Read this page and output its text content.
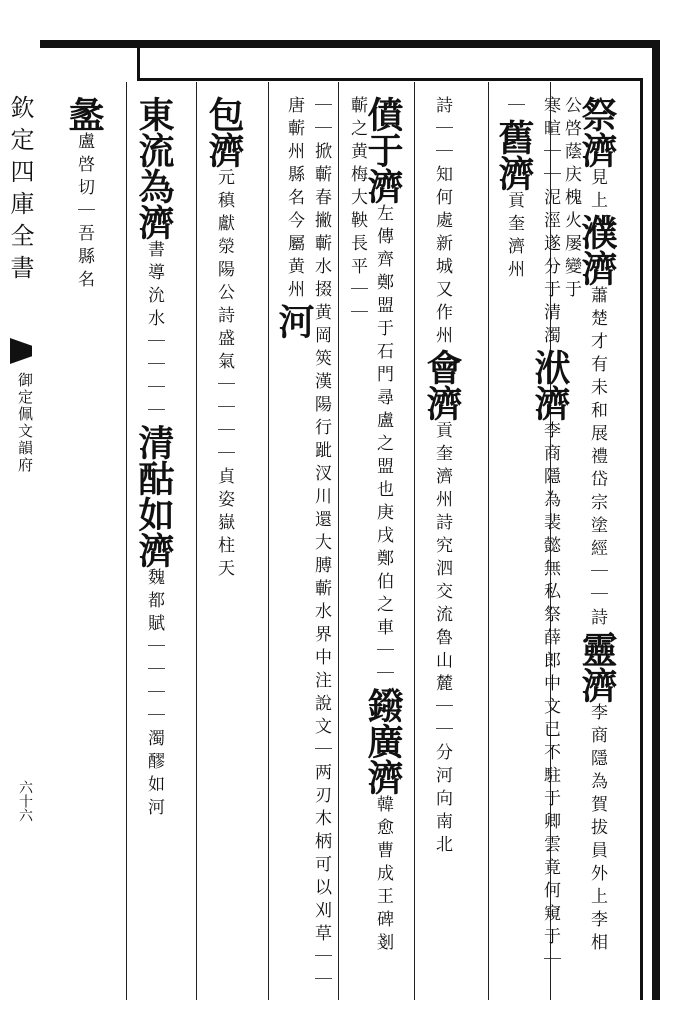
欽定四庫全書
御定佩文韻府
六十六
祭濟見上濮濟蕭楚才有未和展禮岱宗塗經｜｜詩靈濟李商隱為賀拔員外上李相公啓蔭庆槐火屡變于
寒暄｜｜泥涇遂分于清濁洑濟李商隱為裴懿無私祭薛郎中文已不駐于卿雲竟何窺于｜｜舊濟貢奎濟州
詩｜｜知何處新城又作州會濟貢奎濟州詩究泗交流魯山麓｜｜分河向南北
僨于濟左傳齊鄭盟于石門尋盧之盟也庚戌鄭伯之車｜｜鏺廣濟韓愈曹成王碑剗蘄之黄梅大鞅長平｜｜
｜｜掀蘄春撇蘄水掇黄岡筴漢陽行跐汊川還大膊蘄水界中注說文｜两刃木柄可以刈草｜｜唐蘄州縣名今屬黄州河
包濟元稹獻滎陽公詩盛氣｜｜｜｜貞姿嶽柱天
東流為濟書導沇水｜｜｜｜清酤如濟魏都賦｜｜｜｜濁醪如河
盠盧啓切｜吾縣名
